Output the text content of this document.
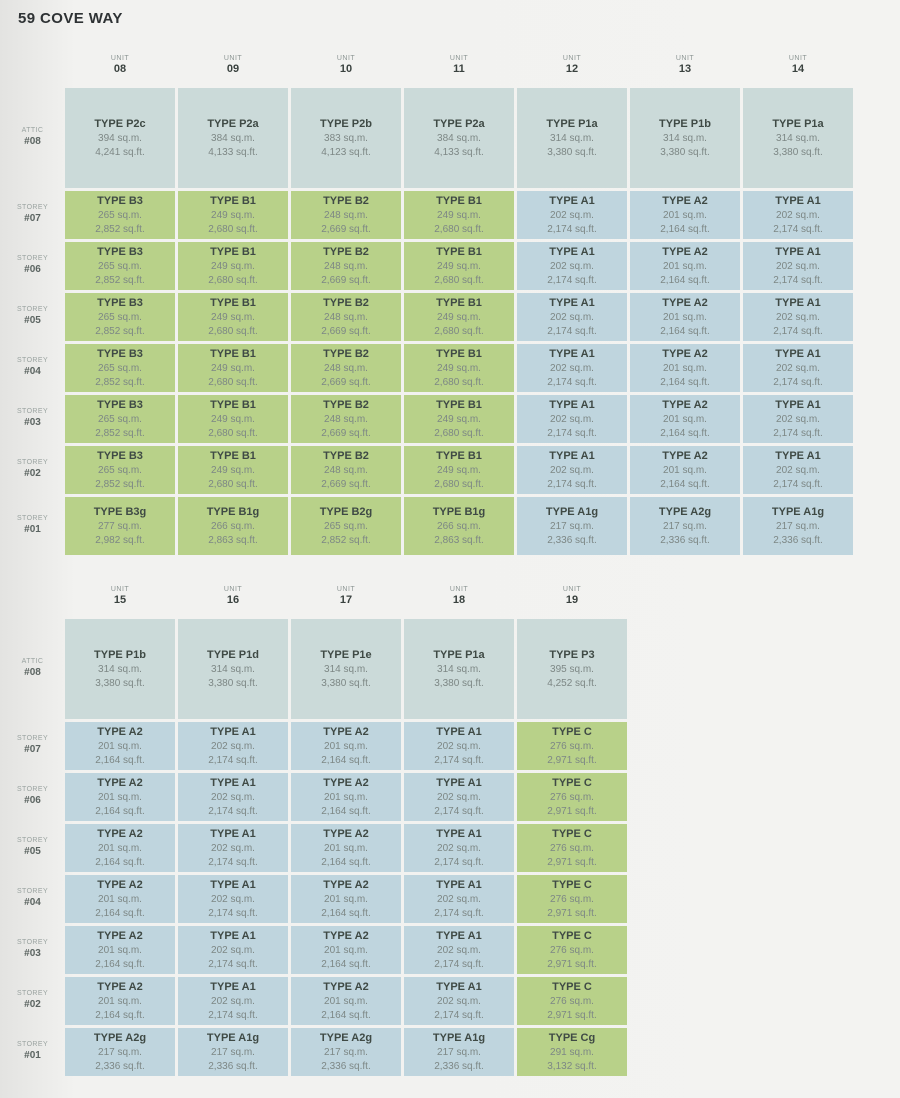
59 COVE WAY
UNIT
08
UNIT
09
UNIT
10
UNIT
11
UNIT
12
UNIT
13
UNIT
14
ATTIC
#08
TYPE P2c
394 sq.m.
4,241 sq.ft.
TYPE P2a
384 sq.m.
4,133 sq.ft.
TYPE P2b
383 sq.m.
4,123 sq.ft.
TYPE P2a
384 sq.m.
4,133 sq.ft.
TYPE P1a
314 sq.m.
3,380 sq.ft.
TYPE P1b
314 sq.m.
3,380 sq.ft.
TYPE P1a
314 sq.m.
3,380 sq.ft.
STOREY
#07
TYPE B3
265 sq.m.
2,852 sq.ft.
TYPE B1
249 sq.m.
2,680 sq.ft.
TYPE B2
248 sq.m.
2,669 sq.ft.
TYPE B1
249 sq.m.
2,680 sq.ft.
TYPE A1
202 sq.m.
2,174 sq.ft.
TYPE A2
201 sq.m.
2,164 sq.ft.
TYPE A1
202 sq.m.
2,174 sq.ft.
STOREY
#06
TYPE B3
265 sq.m.
2,852 sq.ft.
TYPE B1
249 sq.m.
2,680 sq.ft.
TYPE B2
248 sq.m.
2,669 sq.ft.
TYPE B1
249 sq.m.
2,680 sq.ft.
TYPE A1
202 sq.m.
2,174 sq.ft.
TYPE A2
201 sq.m.
2,164 sq.ft.
TYPE A1
202 sq.m.
2,174 sq.ft.
STOREY
#05
TYPE B3
265 sq.m.
2,852 sq.ft.
TYPE B1
249 sq.m.
2,680 sq.ft.
TYPE B2
248 sq.m.
2,669 sq.ft.
TYPE B1
249 sq.m.
2,680 sq.ft.
TYPE A1
202 sq.m.
2,174 sq.ft.
TYPE A2
201 sq.m.
2,164 sq.ft.
TYPE A1
202 sq.m.
2,174 sq.ft.
STOREY
#04
TYPE B3
265 sq.m.
2,852 sq.ft.
TYPE B1
249 sq.m.
2,680 sq.ft.
TYPE B2
248 sq.m.
2,669 sq.ft.
TYPE B1
249 sq.m.
2,680 sq.ft.
TYPE A1
202 sq.m.
2,174 sq.ft.
TYPE A2
201 sq.m.
2,164 sq.ft.
TYPE A1
202 sq.m.
2,174 sq.ft.
STOREY
#03
TYPE B3
265 sq.m.
2,852 sq.ft.
TYPE B1
249 sq.m.
2,680 sq.ft.
TYPE B2
248 sq.m.
2,669 sq.ft.
TYPE B1
249 sq.m.
2,680 sq.ft.
TYPE A1
202 sq.m.
2,174 sq.ft.
TYPE A2
201 sq.m.
2,164 sq.ft.
TYPE A1
202 sq.m.
2,174 sq.ft.
STOREY
#02
TYPE B3
265 sq.m.
2,852 sq.ft.
TYPE B1
249 sq.m.
2,680 sq.ft.
TYPE B2
248 sq.m.
2,669 sq.ft.
TYPE B1
249 sq.m.
2,680 sq.ft.
TYPE A1
202 sq.m.
2,174 sq.ft.
TYPE A2
201 sq.m.
2,164 sq.ft.
TYPE A1
202 sq.m.
2,174 sq.ft.
STOREY
#01
TYPE B3g
277 sq.m.
2,982 sq.ft.
TYPE B1g
266 sq.m.
2,863 sq.ft.
TYPE B2g
265 sq.m.
2,852 sq.ft.
TYPE B1g
266 sq.m.
2,863 sq.ft.
TYPE A1g
217 sq.m.
2,336 sq.ft.
TYPE A2g
217 sq.m.
2,336 sq.ft.
TYPE A1g
217 sq.m.
2,336 sq.ft.
UNIT
15
UNIT
16
UNIT
17
UNIT
18
UNIT
19
ATTIC
#08
TYPE P1b
314 sq.m.
3,380 sq.ft.
TYPE P1d
314 sq.m.
3,380 sq.ft.
TYPE P1e
314 sq.m.
3,380 sq.ft.
TYPE P1a
314 sq.m.
3,380 sq.ft.
TYPE P3
395 sq.m.
4,252 sq.ft.
STOREY
#07
TYPE A2
201 sq.m.
2,164 sq.ft.
TYPE A1
202 sq.m.
2,174 sq.ft.
TYPE A2
201 sq.m.
2,164 sq.ft.
TYPE A1
202 sq.m.
2,174 sq.ft.
TYPE C
276 sq.m.
2,971 sq.ft.
STOREY
#06
TYPE A2
201 sq.m.
2,164 sq.ft.
TYPE A1
202 sq.m.
2,174 sq.ft.
TYPE A2
201 sq.m.
2,164 sq.ft.
TYPE A1
202 sq.m.
2,174 sq.ft.
TYPE C
276 sq.m.
2,971 sq.ft.
STOREY
#05
TYPE A2
201 sq.m.
2,164 sq.ft.
TYPE A1
202 sq.m.
2,174 sq.ft.
TYPE A2
201 sq.m.
2,164 sq.ft.
TYPE A1
202 sq.m.
2,174 sq.ft.
TYPE C
276 sq.m.
2,971 sq.ft.
STOREY
#04
TYPE A2
201 sq.m.
2,164 sq.ft.
TYPE A1
202 sq.m.
2,174 sq.ft.
TYPE A2
201 sq.m.
2,164 sq.ft.
TYPE A1
202 sq.m.
2,174 sq.ft.
TYPE C
276 sq.m.
2,971 sq.ft.
STOREY
#03
TYPE A2
201 sq.m.
2,164 sq.ft.
TYPE A1
202 sq.m.
2,174 sq.ft.
TYPE A2
201 sq.m.
2,164 sq.ft.
TYPE A1
202 sq.m.
2,174 sq.ft.
TYPE C
276 sq.m.
2,971 sq.ft.
STOREY
#02
TYPE A2
201 sq.m.
2,164 sq.ft.
TYPE A1
202 sq.m.
2,174 sq.ft.
TYPE A2
201 sq.m.
2,164 sq.ft.
TYPE A1
202 sq.m.
2,174 sq.ft.
TYPE C
276 sq.m.
2,971 sq.ft.
STOREY
#01
TYPE A2g
217 sq.m.
2,336 sq.ft.
TYPE A1g
217 sq.m.
2,336 sq.ft.
TYPE A2g
217 sq.m.
2,336 sq.ft.
TYPE A1g
217 sq.m.
2,336 sq.ft.
TYPE Cg
291 sq.m.
3,132 sq.ft.
